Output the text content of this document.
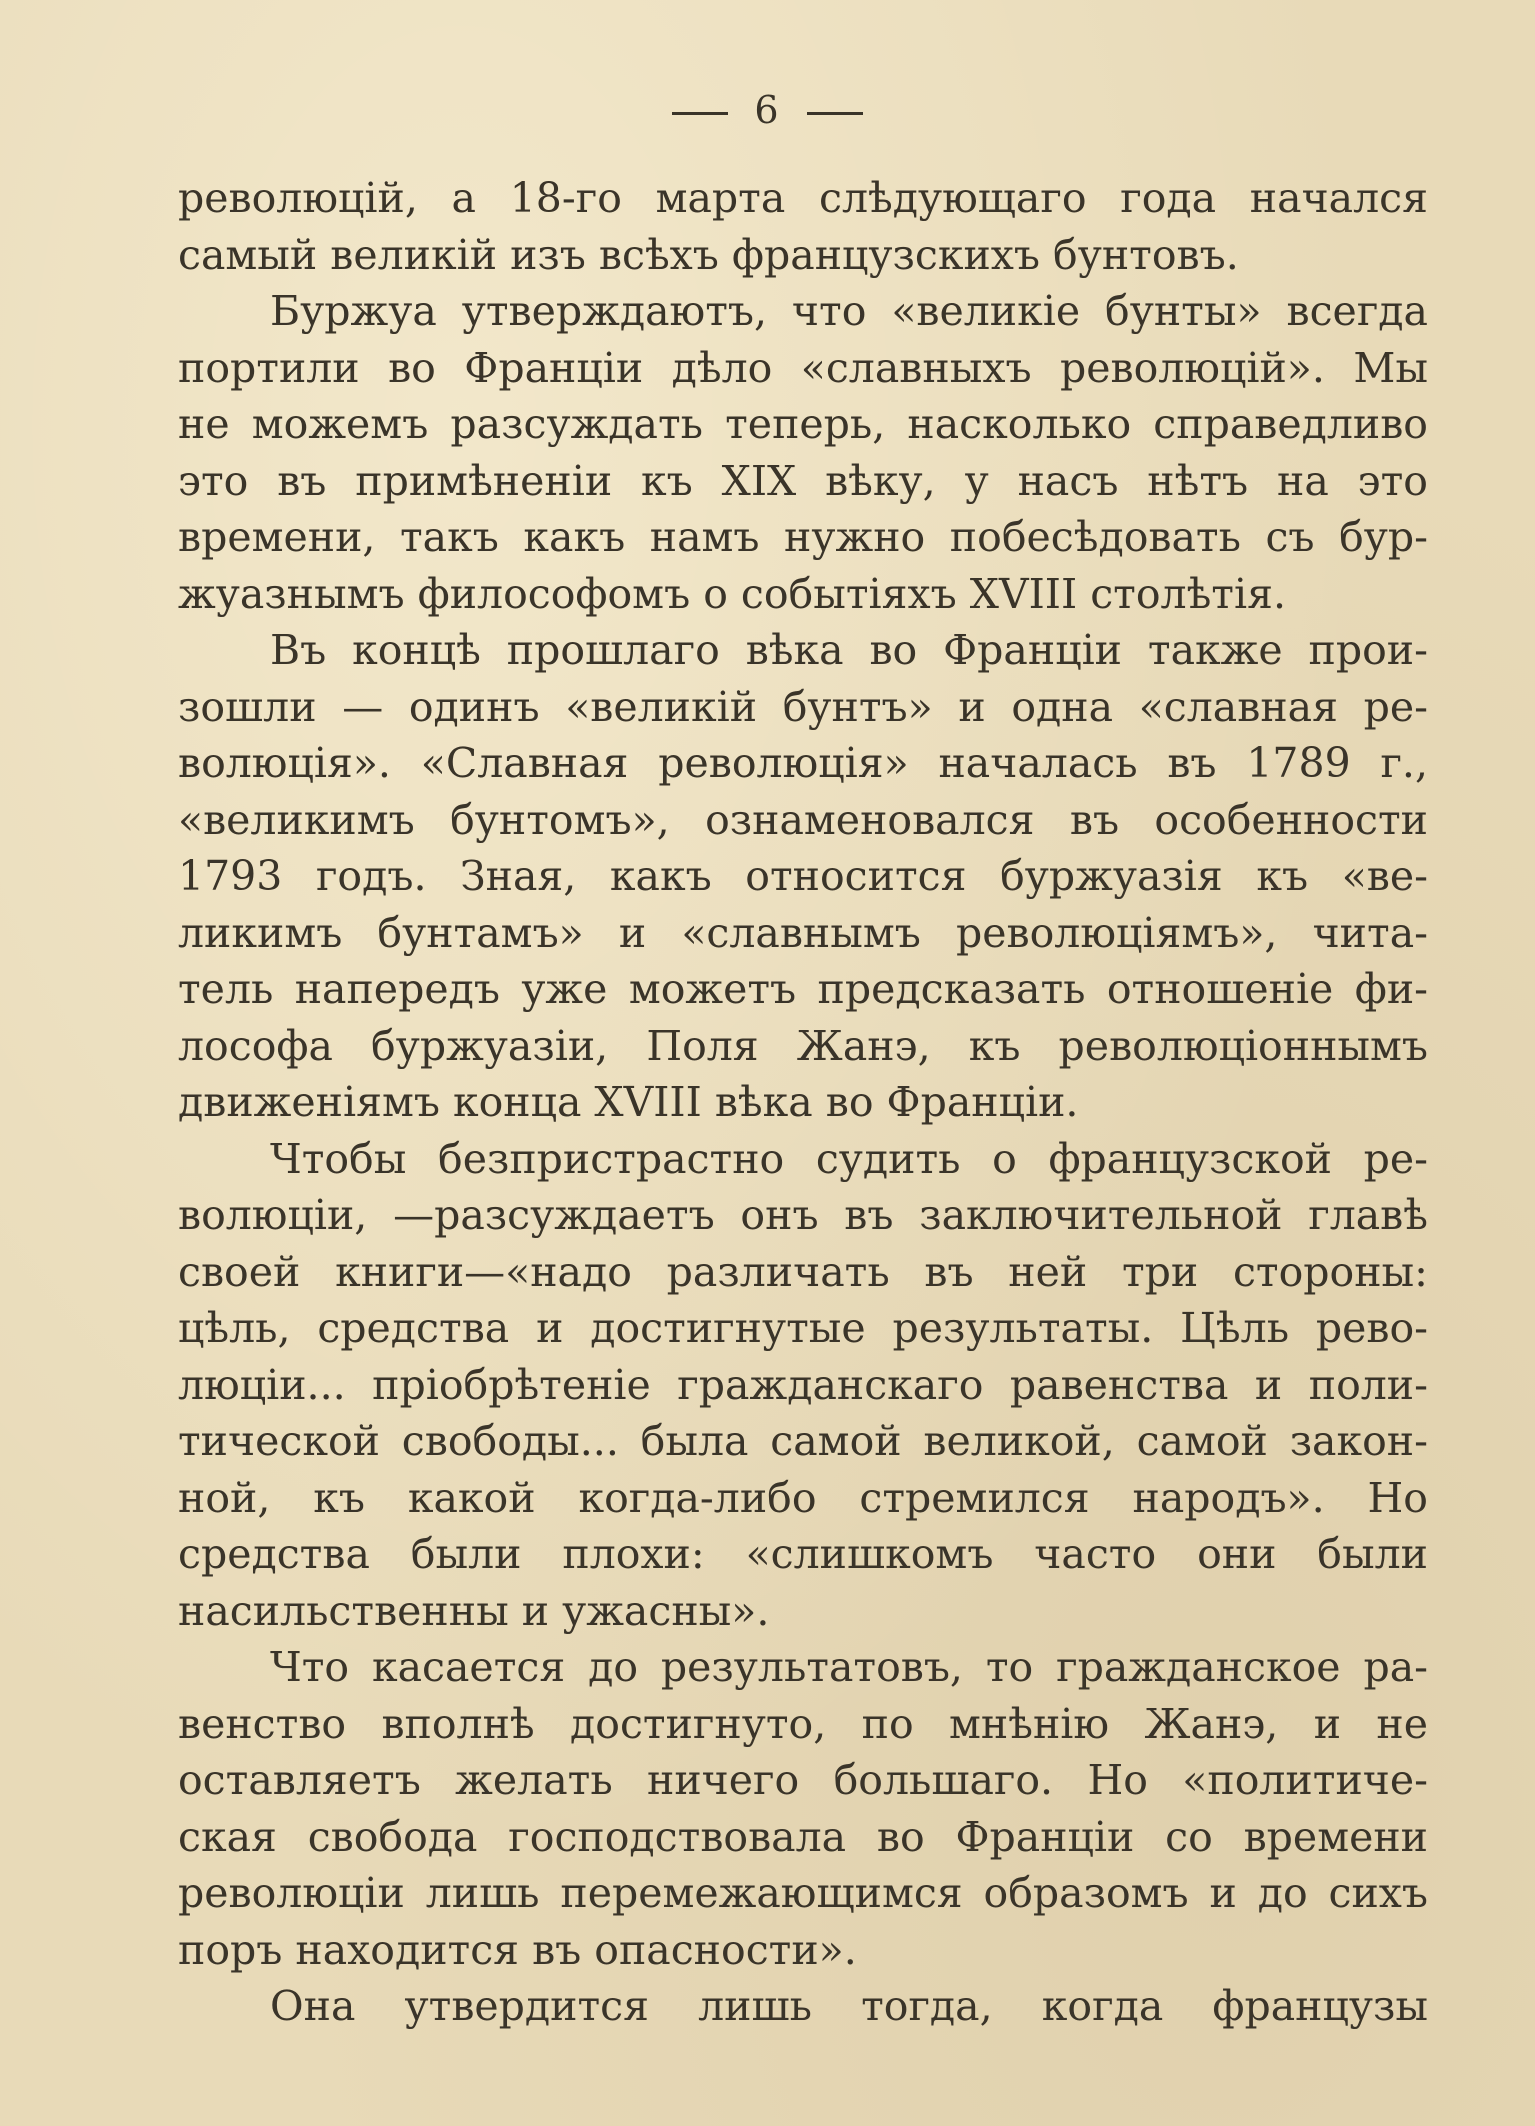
6
революцій, а 18-го марта слѣдующаго года начался
самый великій изъ всѣхъ французскихъ бунтовъ.
Буржуа утверждаютъ, что «великіе бунты» всегда
портили во Франціи дѣло «славныхъ революцій». Мы
не можемъ разсуждать теперь, насколько справедливо
это въ примѣненіи къ XIX вѣку, у насъ нѣтъ на это
времени, такъ какъ намъ нужно побесѣдовать съ бур-
жуазнымъ философомъ о событіяхъ XVIII столѣтія.
Въ концѣ прошлаго вѣка во Франціи также прои-
зошли — одинъ «великій бунтъ» и одна «славная ре-
волюція». «Славная революція» началась въ 1789 г.,
«великимъ бунтомъ», ознаменовался въ особенности
1793 годъ. Зная, какъ относится буржуазія къ «ве-
ликимъ бунтамъ» и «славнымъ революціямъ», чита-
тель напередъ уже можетъ предсказать отношеніе фи-
лософа буржуазіи, Поля Жанэ, къ революціоннымъ
движеніямъ конца XVIII вѣка во Франціи.
Чтобы безпристрастно судить о французской ре-
волюціи, —разсуждаетъ онъ въ заключительной главѣ
своей книги—«надо различать въ ней три стороны:
цѣль, средства и достигнутые результаты. Цѣль рево-
люціи... пріобрѣтеніе гражданскаго равенства и поли-
тической свободы... была самой великой, самой закон-
ной, къ какой когда-либо стремился народъ». Но
средства были плохи: «слишкомъ часто они были
насильственны и ужасны».
Что касается до результатовъ, то гражданское ра-
венство вполнѣ достигнуто, по мнѣнію Жанэ, и не
оставляетъ желать ничего большаго. Но «политиче-
ская свобода господствовала во Франціи со времени
революціи лишь перемежающимся образомъ и до сихъ
поръ находится въ опасности».
Она утвердится лишь тогда, когда французы
